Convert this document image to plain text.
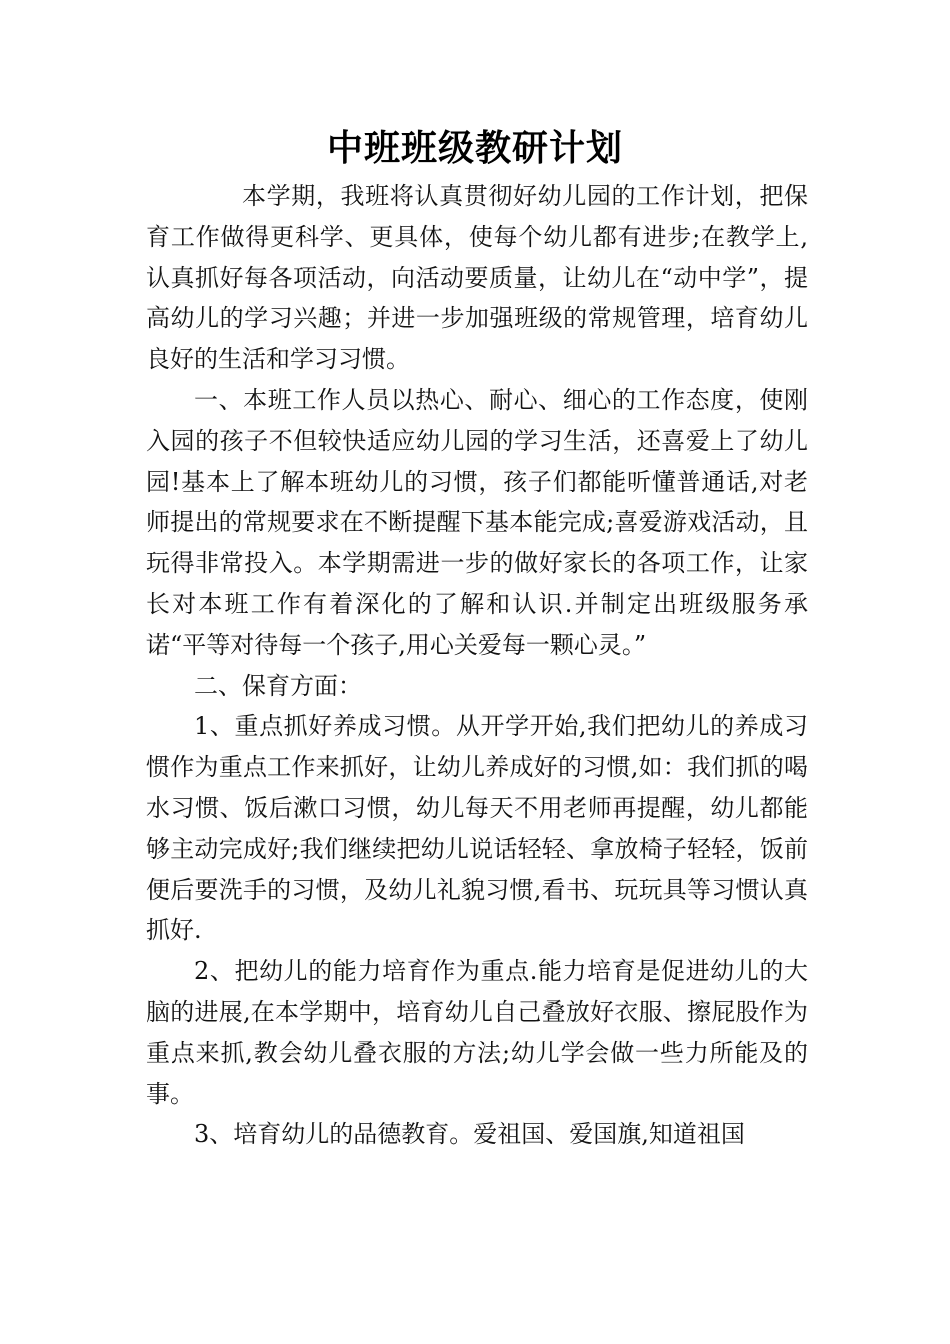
中班班级教研计划

本学期，我班将认真贯彻好幼儿园的工作计划，把保育工作做得更科学、更具体，使每个幼儿都有进步;在教学上,认真抓好每各项活动，向活动要质量，让幼儿在“动中学”，提高幼儿的学习兴趣；并进一步加强班级的常规管理，培育幼儿良好的生活和学习习惯。

一、本班工作人员以热心、耐心、细心的工作态度，使刚入园的孩子不但较快适应幼儿园的学习生活，还喜爱上了幼儿园!基本上了解本班幼儿的习惯，孩子们都能听懂普通话,对老师提出的常规要求在不断提醒下基本能完成;喜爱游戏活动，且玩得非常投入。本学期需进一步的做好家长的各项工作，让家长对本班工作有着深化的了解和认识.并制定出班级服务承诺“平等对待每一个孩子,用心关爱每一颗心灵。”

二、保育方面：

1、重点抓好养成习惯。从开学开始,我们把幼儿的养成习惯作为重点工作来抓好，让幼儿养成好的习惯,如：我们抓的喝水习惯、饭后漱口习惯，幼儿每天不用老师再提醒，幼儿都能够主动完成好;我们继续把幼儿说话轻轻、拿放椅子轻轻，饭前便后要洗手的习惯，及幼儿礼貌习惯,看书、玩玩具等习惯认真抓好.

2、把幼儿的能力培育作为重点.能力培育是促进幼儿的大脑的进展,在本学期中，培育幼儿自己叠放好衣服、擦屁股作为重点来抓,教会幼儿叠衣服的方法;幼儿学会做一些力所能及的事。

3、培育幼儿的品德教育。爱祖国、爱国旗,知道祖国
